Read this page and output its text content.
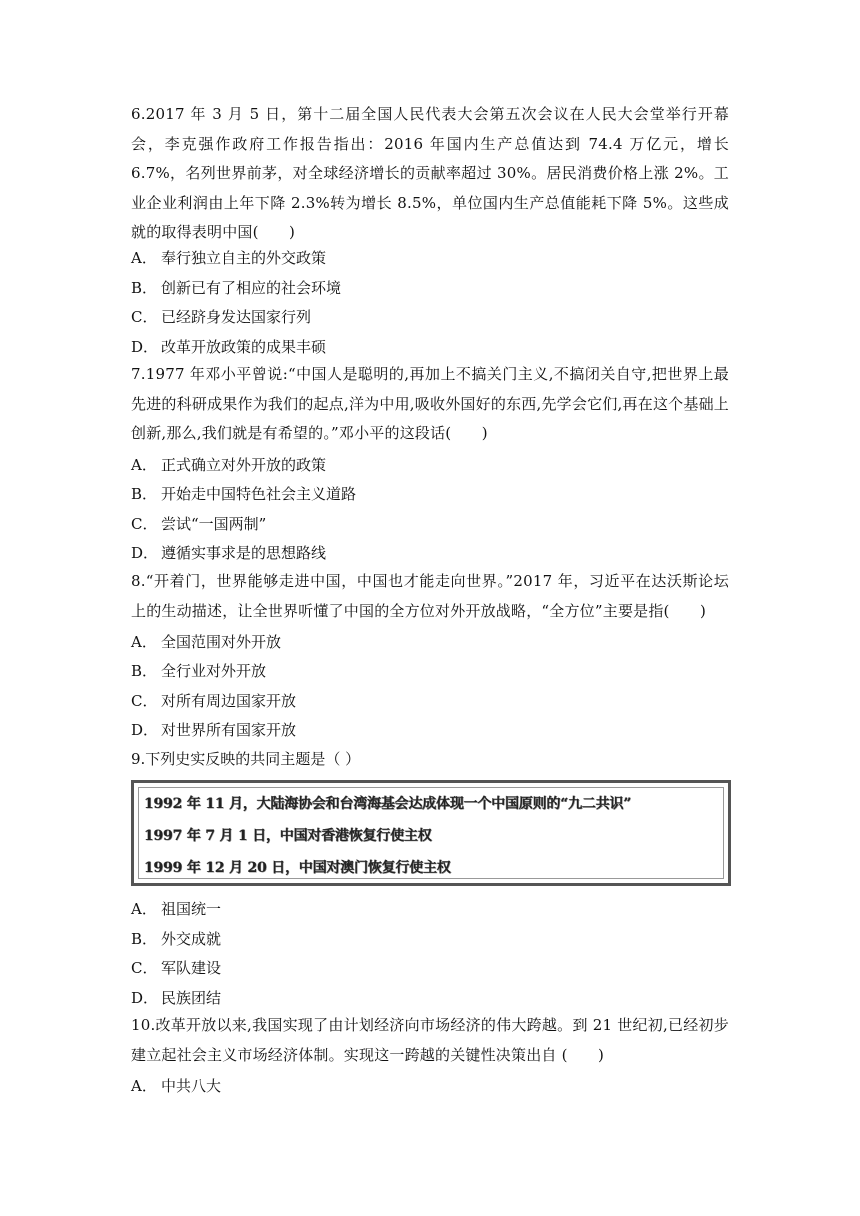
6.2017 年 3 月 5 日，第十二届全国人民代表大会第五次会议在人民大会堂举行开幕会，李克强作政府工作报告指出：2016 年国内生产总值达到 74.4 万亿元，增长 6.7%，名列世界前茅，对全球经济增长的贡献率超过 30%。居民消费价格上涨 2%。工业企业利润由上年下降 2.3%转为增长 8.5%，单位国内生产总值能耗下降 5%。这些成就的取得表明中国(　　)
A． 奉行独立自主的外交政策
B． 创新已有了相应的社会环境
C． 已经跻身发达国家行列
D． 改革开放政策的成果丰硕
7.1977 年邓小平曾说:“中国人是聪明的,再加上不搞关门主义,不搞闭关自守,把世界上最先进的科研成果作为我们的起点,洋为中用,吸收外国好的东西,先学会它们,再在这个基础上创新,那么,我们就是有希望的。”邓小平的这段话(　　)
A． 正式确立对外开放的政策
B． 开始走中国特色社会主义道路
C． 尝试“一国两制”
D． 遵循实事求是的思想路线
8.“开着门，世界能够走进中国，中国也才能走向世界。”2017 年，习近平在达沃斯论坛上的生动描述，让全世界听懂了中国的全方位对外开放战略，“全方位”主要是指(　　)
A． 全国范围对外开放
B． 全行业对外开放
C． 对所有周边国家开放
D． 对世界所有国家开放
9.下列史实反映的共同主题是（ ）
1992 年 11 月，大陆海协会和台湾海基会达成体现一个中国原则的“九二共识”
1997 年 7 月 1 日，中国对香港恢复行使主权
1999 年 12 月 20 日，中国对澳门恢复行使主权
A． 祖国统一
B． 外交成就
C． 军队建设
D． 民族团结
10.改革开放以来,我国实现了由计划经济向市场经济的伟大跨越。到 21 世纪初,已经初步建立起社会主义市场经济体制。实现这一跨越的关键性决策出自 (　　)
A． 中共八大
